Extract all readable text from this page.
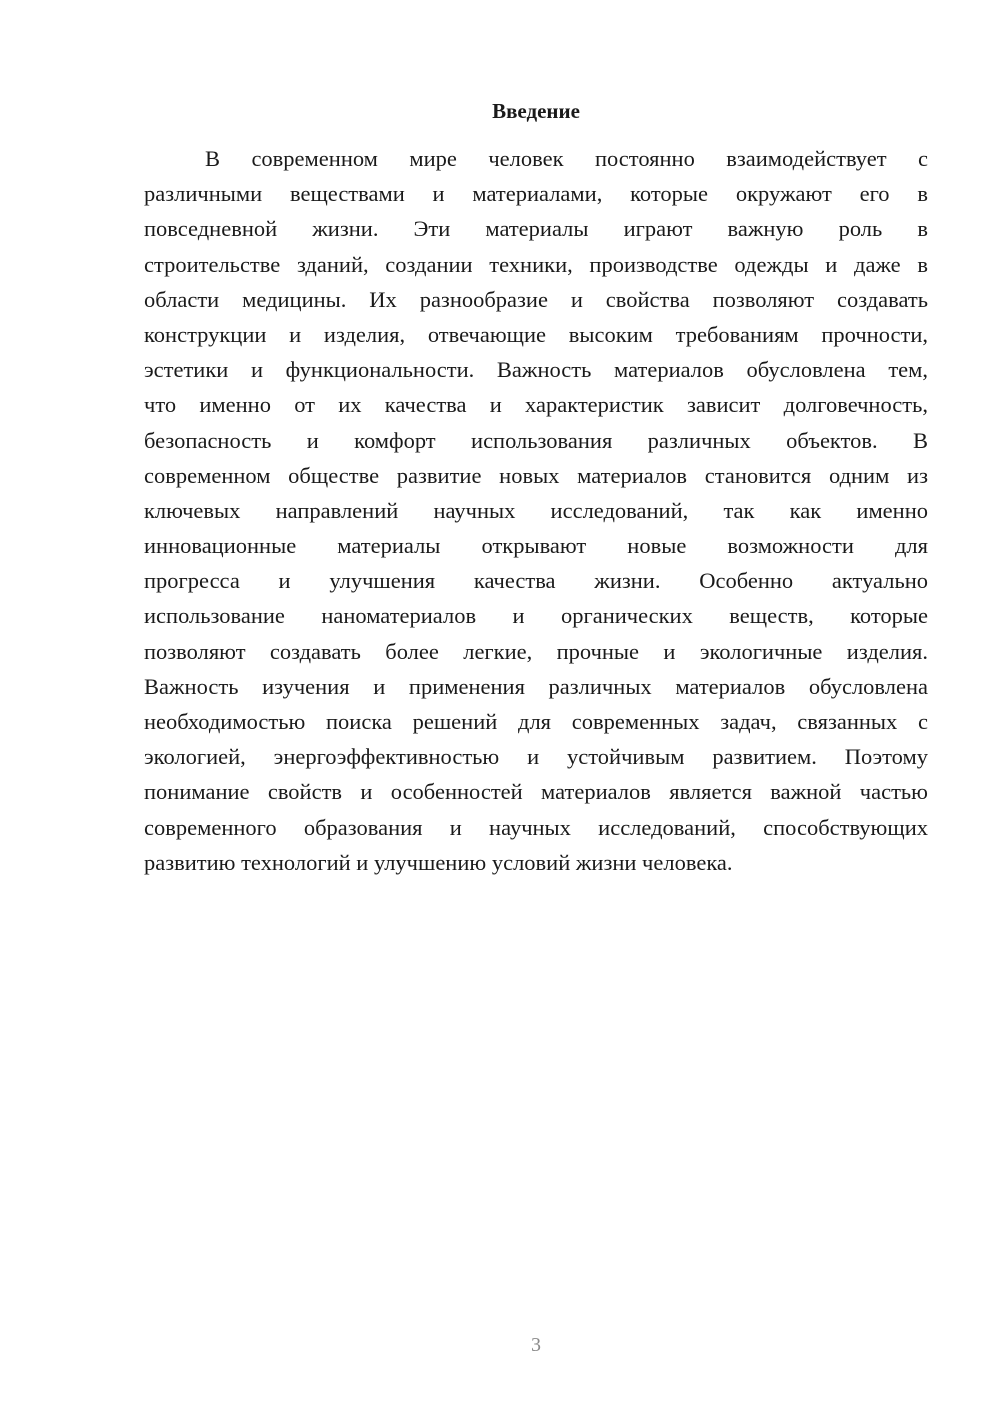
Введение
В современном мире человек постоянно взаимодействует с
различными веществами и материалами, которые окружают его в
повседневной жизни. Эти материалы играют важную роль в
строительстве зданий, создании техники, производстве одежды и даже в
области медицины. Их разнообразие и свойства позволяют создавать
конструкции и изделия, отвечающие высоким требованиям прочности,
эстетики и функциональности. Важность материалов обусловлена тем,
что именно от их качества и характеристик зависит долговечность,
безопасность и комфорт использования различных объектов. В
современном обществе развитие новых материалов становится одним из
ключевых направлений научных исследований, так как именно
инновационные материалы открывают новые возможности для
прогресса и улучшения качества жизни. Особенно актуально
использование наноматериалов и органических веществ, которые
позволяют создавать более легкие, прочные и экологичные изделия.
Важность изучения и применения различных материалов обусловлена
необходимостью поиска решений для современных задач, связанных с
экологией, энергоэффективностью и устойчивым развитием. Поэтому
понимание свойств и особенностей материалов является важной частью
современного образования и научных исследований, способствующих
развитию технологий и улучшению условий жизни человека.
3
